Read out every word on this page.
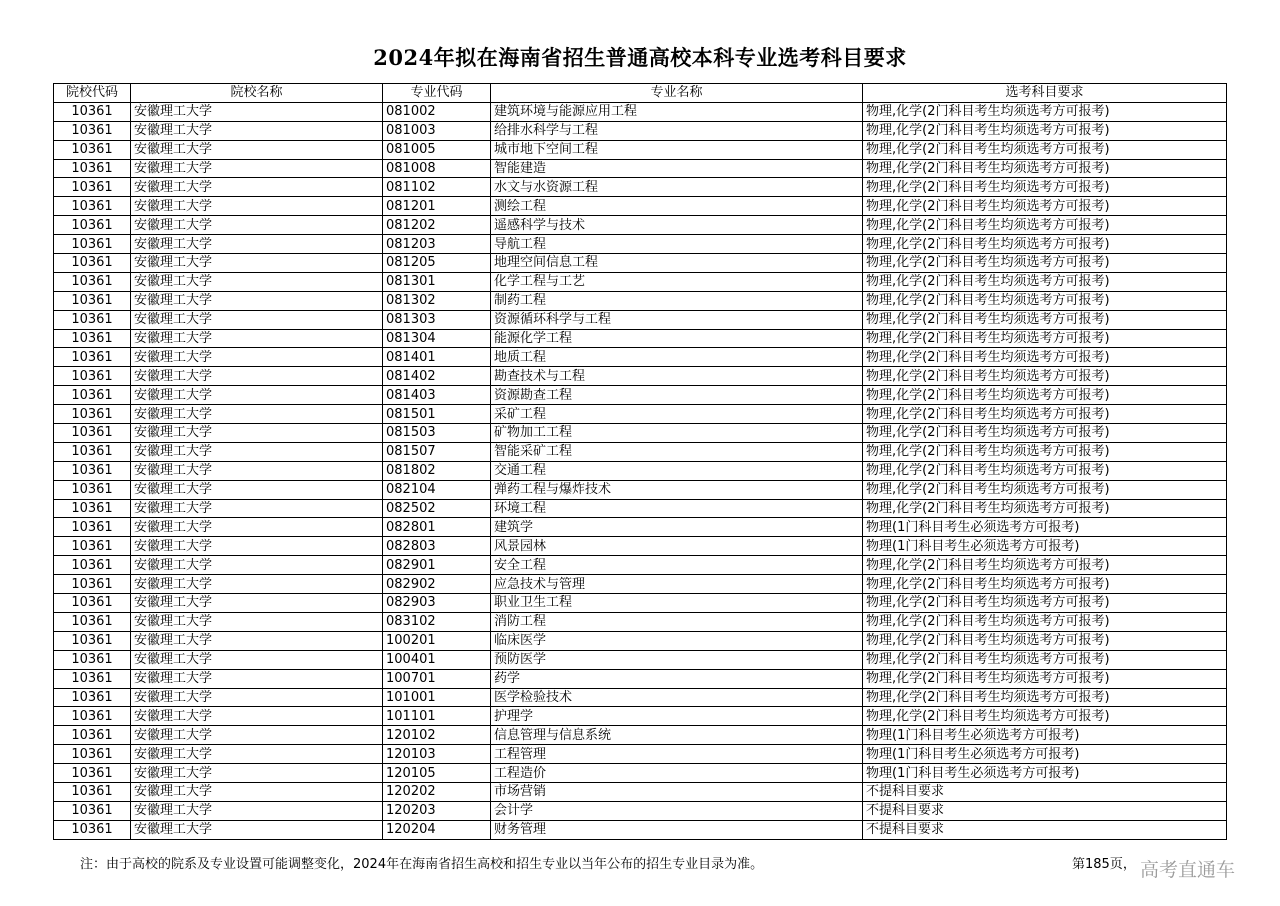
2024年拟在海南省招生普通高校本科专业选考科目要求
院校代码	院校名称	专业代码	专业名称	选考科目要求
10361	安徽理工大学	081002	建筑环境与能源应用工程	物理,化学(2门科目考生均须选考方可报考)
10361	安徽理工大学	081003	给排水科学与工程	物理,化学(2门科目考生均须选考方可报考)
10361	安徽理工大学	081005	城市地下空间工程	物理,化学(2门科目考生均须选考方可报考)
10361	安徽理工大学	081008	智能建造	物理,化学(2门科目考生均须选考方可报考)
10361	安徽理工大学	081102	水文与水资源工程	物理,化学(2门科目考生均须选考方可报考)
10361	安徽理工大学	081201	测绘工程	物理,化学(2门科目考生均须选考方可报考)
10361	安徽理工大学	081202	遥感科学与技术	物理,化学(2门科目考生均须选考方可报考)
10361	安徽理工大学	081203	导航工程	物理,化学(2门科目考生均须选考方可报考)
10361	安徽理工大学	081205	地理空间信息工程	物理,化学(2门科目考生均须选考方可报考)
10361	安徽理工大学	081301	化学工程与工艺	物理,化学(2门科目考生均须选考方可报考)
10361	安徽理工大学	081302	制药工程	物理,化学(2门科目考生均须选考方可报考)
10361	安徽理工大学	081303	资源循环科学与工程	物理,化学(2门科目考生均须选考方可报考)
10361	安徽理工大学	081304	能源化学工程	物理,化学(2门科目考生均须选考方可报考)
10361	安徽理工大学	081401	地质工程	物理,化学(2门科目考生均须选考方可报考)
10361	安徽理工大学	081402	勘查技术与工程	物理,化学(2门科目考生均须选考方可报考)
10361	安徽理工大学	081403	资源勘查工程	物理,化学(2门科目考生均须选考方可报考)
10361	安徽理工大学	081501	采矿工程	物理,化学(2门科目考生均须选考方可报考)
10361	安徽理工大学	081503	矿物加工工程	物理,化学(2门科目考生均须选考方可报考)
10361	安徽理工大学	081507	智能采矿工程	物理,化学(2门科目考生均须选考方可报考)
10361	安徽理工大学	081802	交通工程	物理,化学(2门科目考生均须选考方可报考)
10361	安徽理工大学	082104	弹药工程与爆炸技术	物理,化学(2门科目考生均须选考方可报考)
10361	安徽理工大学	082502	环境工程	物理,化学(2门科目考生均须选考方可报考)
10361	安徽理工大学	082801	建筑学	物理(1门科目考生必须选考方可报考)
10361	安徽理工大学	082803	风景园林	物理(1门科目考生必须选考方可报考)
10361	安徽理工大学	082901	安全工程	物理,化学(2门科目考生均须选考方可报考)
10361	安徽理工大学	082902	应急技术与管理	物理,化学(2门科目考生均须选考方可报考)
10361	安徽理工大学	082903	职业卫生工程	物理,化学(2门科目考生均须选考方可报考)
10361	安徽理工大学	083102	消防工程	物理,化学(2门科目考生均须选考方可报考)
10361	安徽理工大学	100201	临床医学	物理,化学(2门科目考生均须选考方可报考)
10361	安徽理工大学	100401	预防医学	物理,化学(2门科目考生均须选考方可报考)
10361	安徽理工大学	100701	药学	物理,化学(2门科目考生均须选考方可报考)
10361	安徽理工大学	101001	医学检验技术	物理,化学(2门科目考生均须选考方可报考)
10361	安徽理工大学	101101	护理学	物理,化学(2门科目考生均须选考方可报考)
10361	安徽理工大学	120102	信息管理与信息系统	物理(1门科目考生必须选考方可报考)
10361	安徽理工大学	120103	工程管理	物理(1门科目考生必须选考方可报考)
10361	安徽理工大学	120105	工程造价	物理(1门科目考生必须选考方可报考)
10361	安徽理工大学	120202	市场营销	不提科目要求
10361	安徽理工大学	120203	会计学	不提科目要求
10361	安徽理工大学	120204	财务管理	不提科目要求
注：由于高校的院系及专业设置可能调整变化，2024年在海南省招生高校和招生专业以当年公布的招生专业目录为准。	第185页， 高考直通车
